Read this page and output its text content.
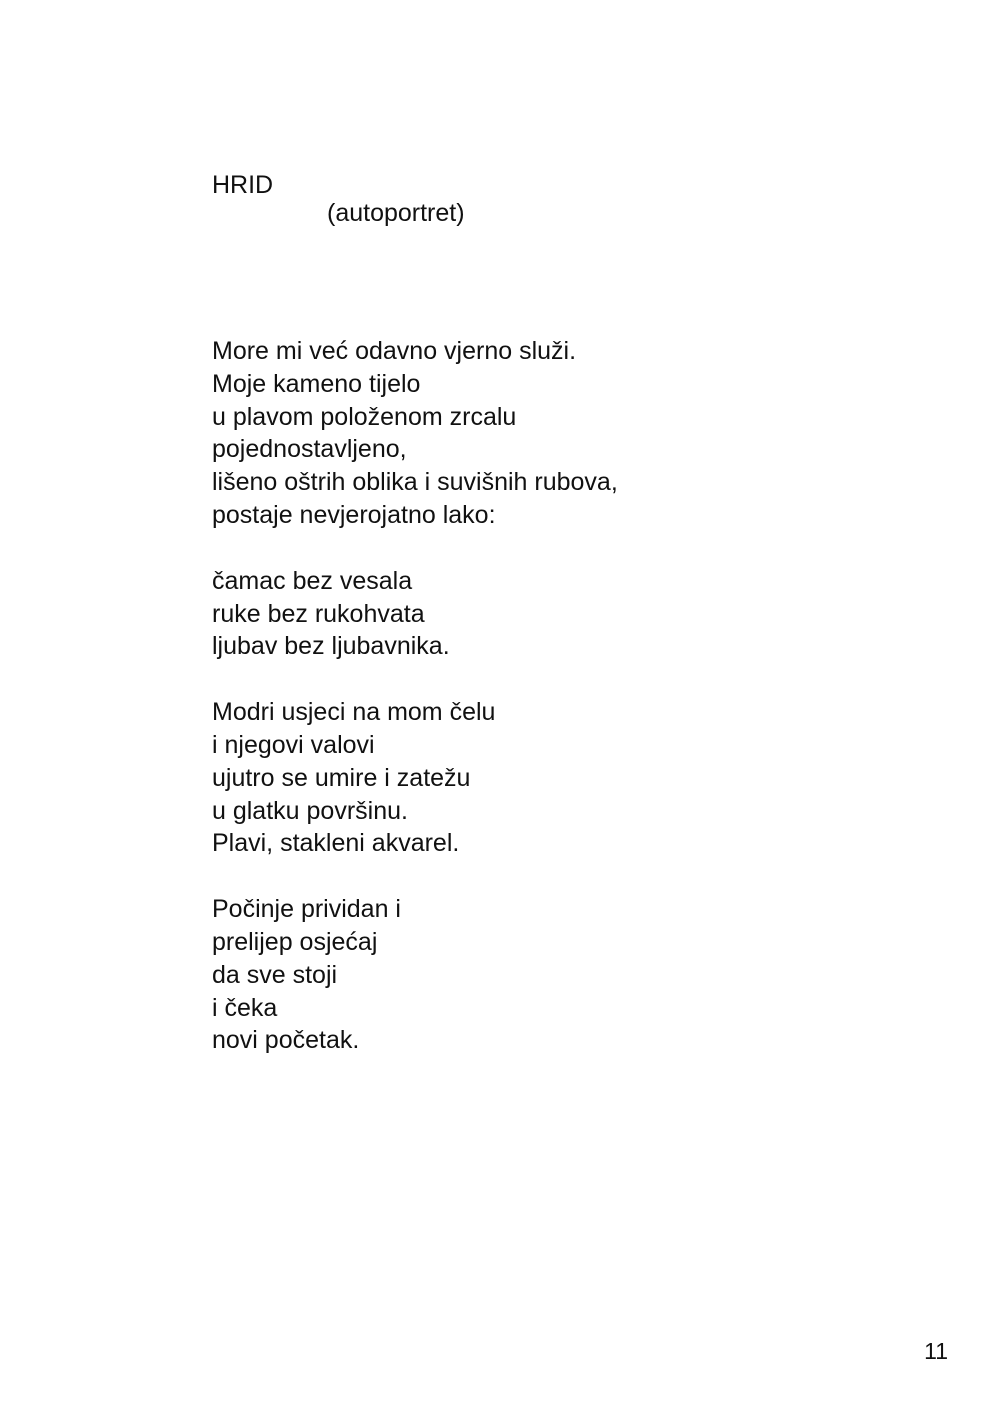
HRID
(autoportret)

More mi već odavno vjerno služi.

Moje kameno tijelo

u plavom položenom zrcalu

pojednostavljeno,

lišeno oštrih oblika i suvišnih rubova,

postaje nevjerojatno lako:

čamac bez vesala

ruke bez rukohvata

ljubav bez ljubavnika.

Modri usjeci na mom čelu

i njegovi valovi

ujutro se umire i zatežu

u glatku površinu.

Plavi, stakleni akvarel.

Počinje prividan i

prelijep osjećaj

da sve stoji

i čeka

novi početak.

11
